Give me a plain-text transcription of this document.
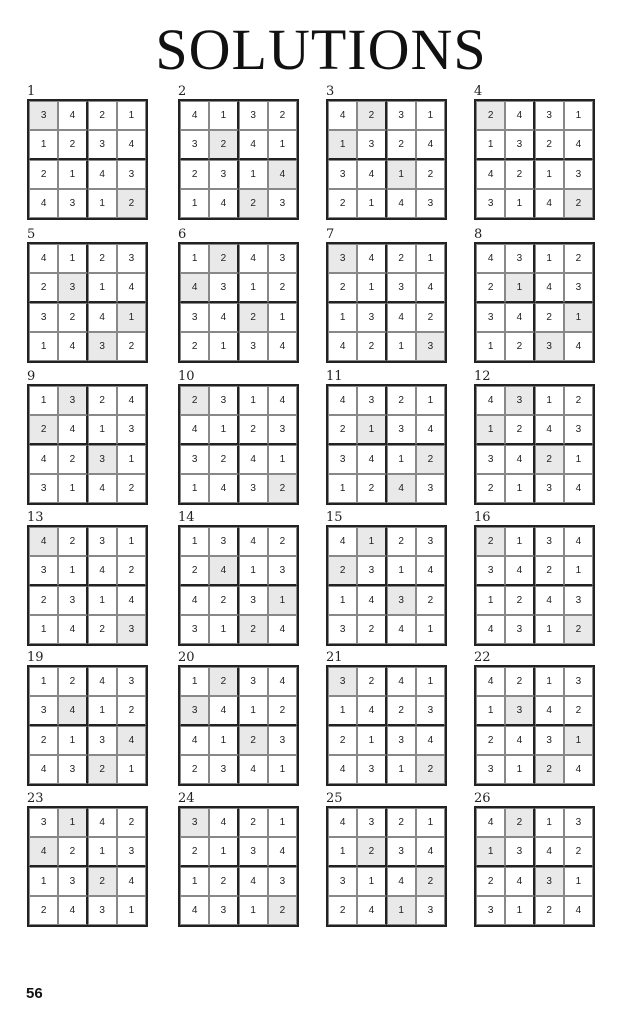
SOLUTIONS
1
3	4	2	1
1	2	3	4
2	1	4	3
4	3	1	2
2
4	1	3	2
3	2	4	1
2	3	1	4
1	4	2	3
3
4	2	3	1
1	3	2	4
3	4	1	2
2	1	4	3
4
2	4	3	1
1	3	2	4
4	2	1	3
3	1	4	2
5
4	1	2	3
2	3	1	4
3	2	4	1
1	4	3	2
6
1	2	4	3
4	3	1	2
3	4	2	1
2	1	3	4
7
3	4	2	1
2	1	3	4
1	3	4	2
4	2	1	3
8
4	3	1	2
2	1	4	3
3	4	2	1
1	2	3	4
9
1	3	2	4
2	4	1	3
4	2	3	1
3	1	4	2
10
2	3	1	4
4	1	2	3
3	2	4	1
1	4	3	2
11
4	3	2	1
2	1	3	4
3	4	1	2
1	2	4	3
12
4	3	1	2
1	2	4	3
3	4	2	1
2	1	3	4
13
4	2	3	1
3	1	4	2
2	3	1	4
1	4	2	3
14
1	3	4	2
2	4	1	3
4	2	3	1
3	1	2	4
15
4	1	2	3
2	3	1	4
1	4	3	2
3	2	4	1
16
2	1	3	4
3	4	2	1
1	2	4	3
4	3	1	2
19
1	2	4	3
3	4	1	2
2	1	3	4
4	3	2	1
20
1	2	3	4
3	4	1	2
4	1	2	3
2	3	4	1
21
3	2	4	1
1	4	2	3
2	1	3	4
4	3	1	2
22
4	2	1	3
1	3	4	2
2	4	3	1
3	1	2	4
23
3	1	4	2
4	2	1	3
1	3	2	4
2	4	3	1
24
3	4	2	1
2	1	3	4
1	2	4	3
4	3	1	2
25
4	3	2	1
1	2	3	4
3	1	4	2
2	4	1	3
26
4	2	1	3
1	3	4	2
2	4	3	1
3	1	2	4
56
